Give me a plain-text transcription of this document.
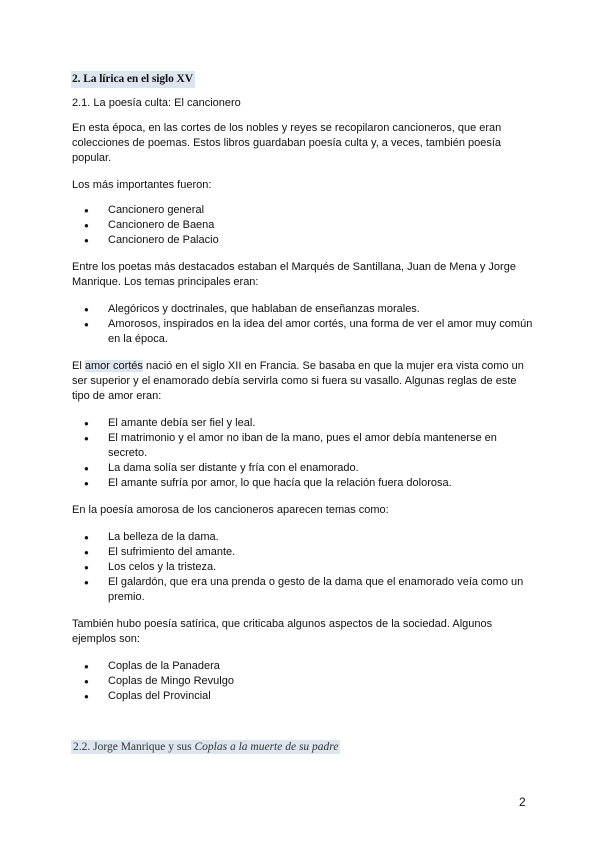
2. La lírica en el siglo XV

2.1. La poesía culta: El cancionero

En esta época, en las cortes de los nobles y reyes se recopilaron cancioneros, que eran colecciones de poemas. Estos libros guardaban poesía culta y, a veces, también poesía popular.

Los más importantes fueron:

● Cancionero general
● Cancionero de Baena
● Cancionero de Palacio

Entre los poetas más destacados estaban el Marqués de Santillana, Juan de Mena y Jorge Manrique. Los temas principales eran:

● Alegóricos y doctrinales, que hablaban de enseñanzas morales.
● Amorosos, inspirados en la idea del amor cortés, una forma de ver el amor muy común en la época.

El amor cortés nació en el siglo XII en Francia. Se basaba en que la mujer era vista como un ser superior y el enamorado debía servirla como si fuera su vasallo. Algunas reglas de este tipo de amor eran:

● El amante debía ser fiel y leal.
● El matrimonio y el amor no iban de la mano, pues el amor debía mantenerse en secreto.
● La dama solía ser distante y fría con el enamorado.
● El amante sufría por amor, lo que hacía que la relación fuera dolorosa.

En la poesía amorosa de los cancioneros aparecen temas como:

● La belleza de la dama.
● El sufrimiento del amante.
● Los celos y la tristeza.
● El galardón, que era una prenda o gesto de la dama que el enamorado veía como un premio.

También hubo poesía satírica, que criticaba algunos aspectos de la sociedad. Algunos ejemplos son:

● Coplas de la Panadera
● Coplas de Mingo Revulgo
● Coplas del Provincial
2.2. Jorge Manrique y sus Coplas a la muerte de su padre
2
